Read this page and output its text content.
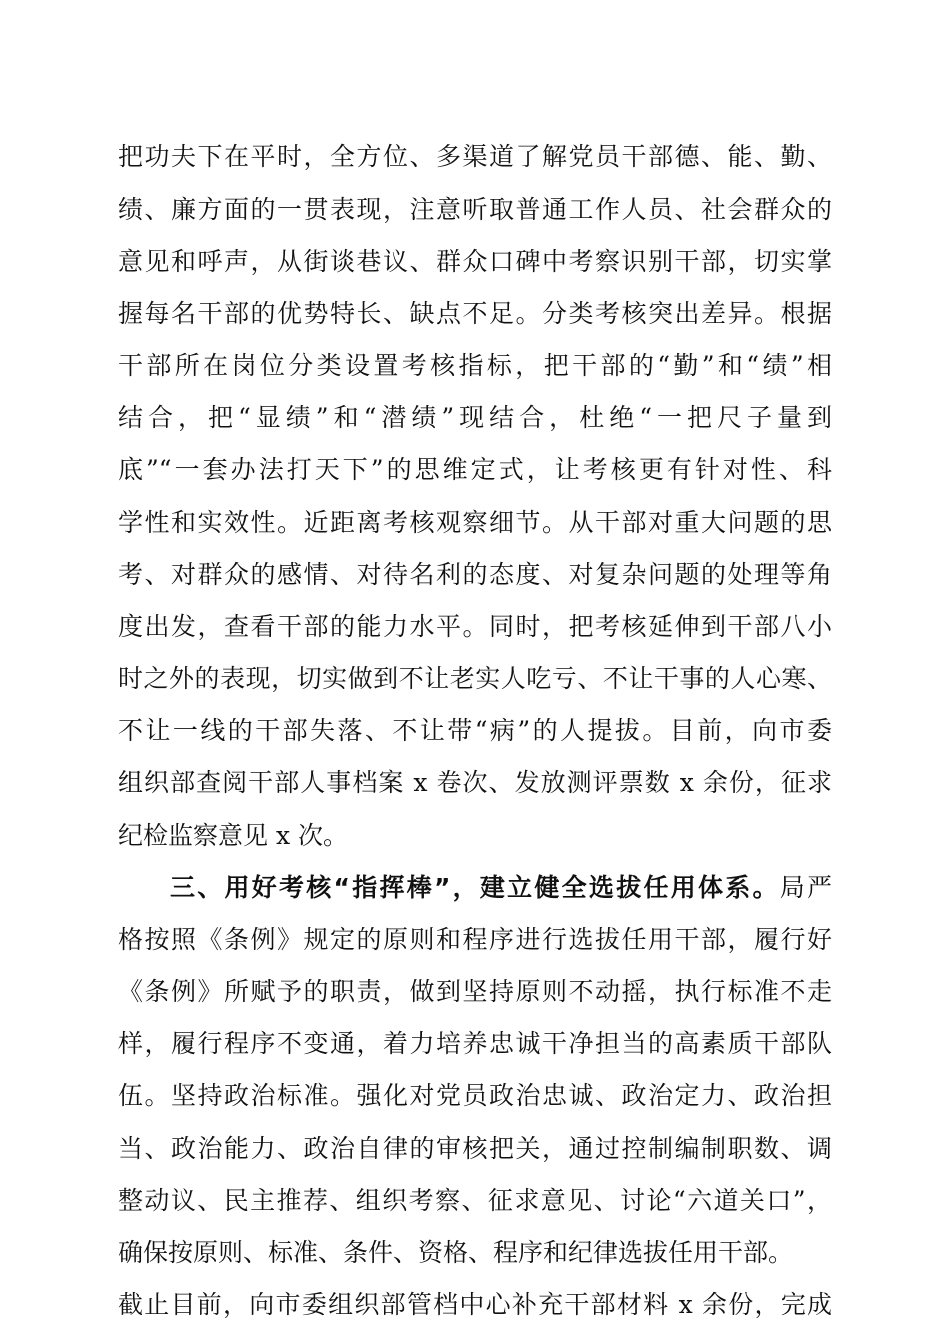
把功夫下在平时，全方位、多渠道了解党员干部德、能、勤、
绩、廉方面的一贯表现，注意听取普通工作人员、社会群众的
意见和呼声，从街谈巷议、群众口碑中考察识别干部，切实掌
握每名干部的优势特长、缺点不足。分类考核突出差异。根据
干部所在岗位分类设置考核指标，把干部的“勤”和“绩”相
结合，把“显绩”和“潜绩”现结合，杜绝“一把尺子量到
底”“一套办法打天下”的思维定式，让考核更有针对性、科
学性和实效性。近距离考核观察细节。从干部对重大问题的思
考、对群众的感情、对待名利的态度、对复杂问题的处理等角
度出发，查看干部的能力水平。同时，把考核延伸到干部八小
时之外的表现，切实做到不让老实人吃亏、不让干事的人心寒、
不让一线的干部失落、不让带“病”的人提拔。目前，向市委
组织部查阅干部人事档案 x 卷次、发放测评票数 x 余份，征求
纪检监察意见 x 次。
三、用好考核“指挥棒”，建立健全选拔任用体系。局严
格按照《条例》规定的原则和程序进行选拔任用干部，履行好
《条例》所赋予的职责，做到坚持原则不动摇，执行标准不走
样，履行程序不变通，着力培养忠诚干净担当的高素质干部队
伍。坚持政治标准。强化对党员政治忠诚、政治定力、政治担
当、政治能力、政治自律的审核把关，通过控制编制职数、调
整动议、民主推荐、组织考察、征求意见、讨论“六道关口”，
确保按原则、标准、条件、资格、程序和纪律选拔任用干部。
截止目前，向市委组织部管档中心补充干部材料 x 余份，完成
